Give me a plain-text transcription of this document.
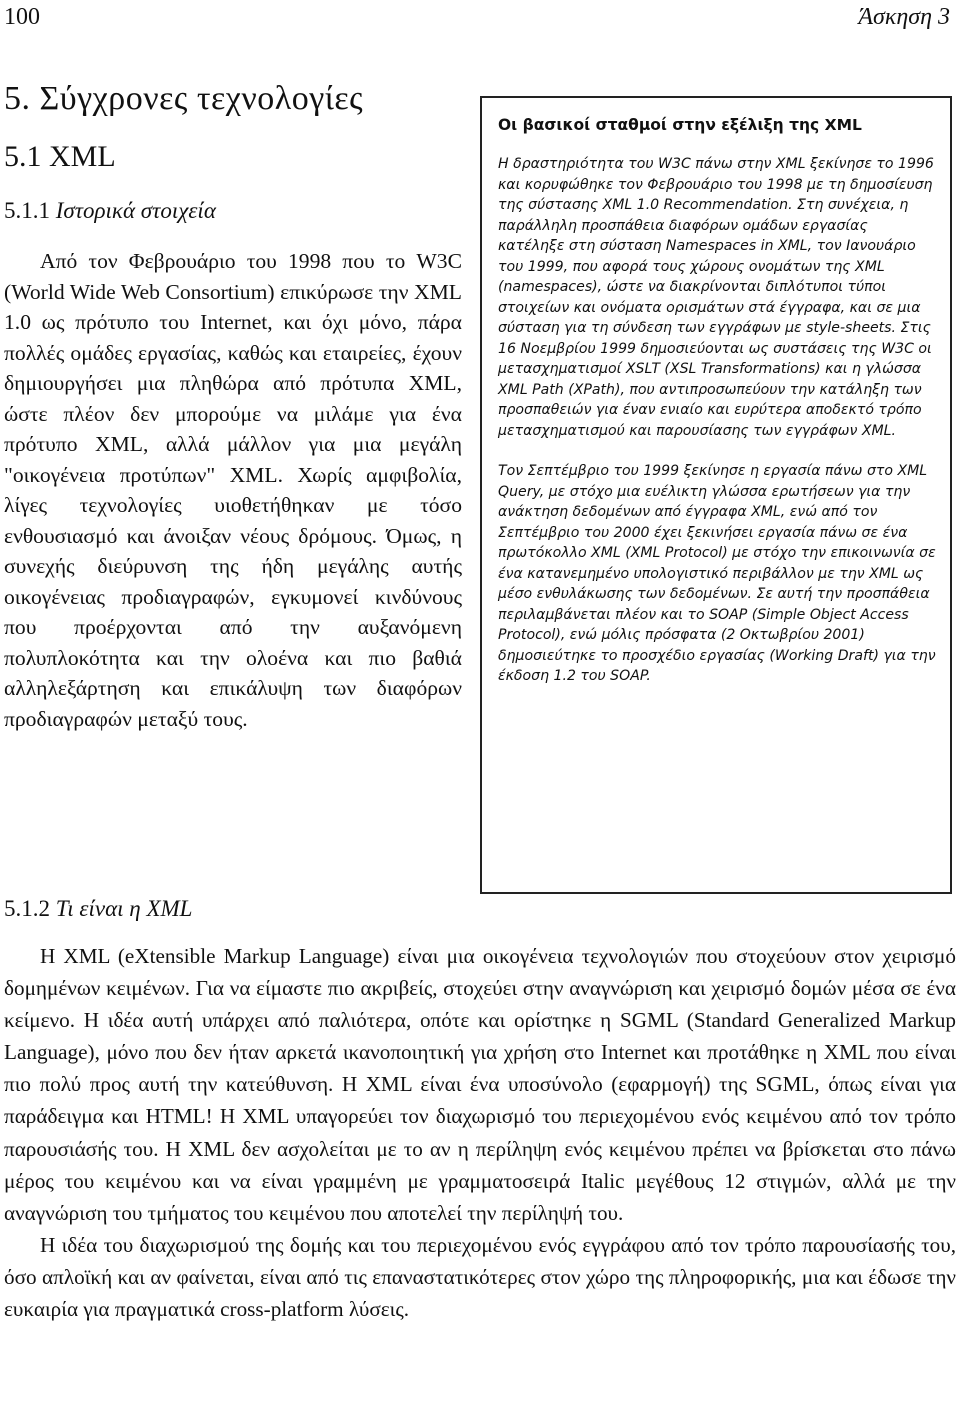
100	Άσκηση 3
5. Σύγχρονες τεχνολογίες
5.1 XML
5.1.1 Ιστορικά στοιχεία

Από τον Φεβρουάριο του 1998 που το W3C (World Wide Web Consortium) επικύρωσε την XML 1.0 ως πρότυπο του Internet, και όχι μόνο, πάρα πολλές ομάδες εργασίας, καθώς και εταιρείες, έχουν δημιουργήσει μια πληθώρα από πρότυπα XML, ώστε πλέον δεν μπορούμε να μιλάμε για ένα πρότυπο XML, αλλά μάλλον για μια μεγάλη "οικογένεια προτύπων" XML. Χωρίς αμφιβολία, λίγες τεχνολογίες υιοθετήθηκαν με τόσο ενθουσιασμό και άνοιξαν νέους δρόμους. Όμως, η συνεχής διεύρυνση της ήδη μεγάλης αυτής οικογένειας προδιαγραφών, εγκυμονεί κινδύνους που προέρχονται από την αυξανόμενη πολυπλοκότητα και την ολοένα και πιο βαθιά αλληλεξάρτηση και επικάλυψη των διαφόρων προδιαγραφών μεταξύ τους.

Οι βασικοί σταθμοί στην εξέλιξη της XML

Η δραστηριότητα του W3C πάνω στην XML ξεκίνησε το 1996 και κορυφώθηκε τον Φεβρουάριο του 1998 με τη δημοσίευση της σύστασης XML 1.0 Recommendation. Στη συνέχεια, η παράλληλη προσπάθεια διαφόρων ομάδων εργασίας κατέληξε στη σύσταση Namespaces in XML, τον Ιανουάριο του 1999, που αφορά τους χώρους ονομάτων της XML (namespaces), ώστε να διακρίνονται διπλότυποι τύποι στοιχείων και ονόματα ορισμάτων στά έγγραφα, και σε μια σύσταση για τη σύνδεση των εγγράφων με style-sheets. Στις 16 Νοεμβρίου 1999 δημοσιεύονται ως συστάσεις της W3C οι μετασχηματισμοί XSLT (XSL Transformations) και η γλώσσα XML Path (XPath), που αντιπροσωπεύουν την κατάληξη των προσπαθειών για έναν ενιαίο και ευρύτερα αποδεκτό τρόπο μετασχηματισμού και παρουσίασης των εγγράφων XML.

Τον Σεπτέμβριο του 1999 ξεκίνησε η εργασία πάνω στο XML Query, με στόχο μια ευέλικτη γλώσσα ερωτήσεων για την ανάκτηση δεδομένων από έγγραφα XML, ενώ από τον Σεπτέμβριο του 2000 έχει ξεκινήσει εργασία πάνω σε ένα πρωτόκολλο XML (XML Protocol) με στόχο την επικοινωνία σε ένα κατανεμημένο υπολογιστικό περιβάλλον με την XML ως μέσο ενθυλάκωσης των δεδομένων. Σε αυτή την προσπάθεια περιλαμβάνεται πλέον και το SOAP (Simple Object Access Protocol), ενώ μόλις πρόσφατα (2 Οκτωβρίου 2001) δημοσιεύτηκε το προσχέδιο εργασίας (Working Draft) για την έκδοση 1.2 του SOAP.

5.1.2 Τι είναι η XML

Η XML (eXtensible Markup Language) είναι μια οικογένεια τεχνολογιών που στοχεύουν στον χειρισμό δομημένων κειμένων. Για να είμαστε πιο ακριβείς, στοχεύει στην αναγνώριση και χειρισμό δομών μέσα σε ένα κείμενο. Η ιδέα αυτή υπάρχει από παλιότερα, οπότε και ορίστηκε η SGML (Standard Generalized Markup Language), μόνο που δεν ήταν αρκετά ικανοποιητική για χρήση στο Internet και προτάθηκε η XML που είναι πιο πολύ προς αυτή την κατεύθυνση. Η XML είναι ένα υποσύνολο (εφαρμογή) της SGML, όπως είναι για παράδειγμα και HTML! Η XML υπαγορεύει τον διαχωρισμό του περιεχομένου ενός κειμένου από τον τρόπο παρουσιάσής του. Η XML δεν ασχολείται με το αν η περίληψη ενός κειμένου πρέπει να βρίσκεται στο πάνω μέρος του κειμένου και να είναι γραμμένη με γραμματοσειρά Italic μεγέθους 12 στιγμών, αλλά με την αναγνώριση του τμήματος του κειμένου που αποτελεί την περίληψή του.

Η ιδέα του διαχωρισμού της δομής και του περιεχομένου ενός εγγράφου από τον τρόπο παρουσίασής του, όσο απλοϊκή και αν φαίνεται, είναι από τις επαναστατικότερες στον χώρο της πληροφορικής, μια και έδωσε την ευκαιρία για πραγματικά cross-platform λύσεις.
